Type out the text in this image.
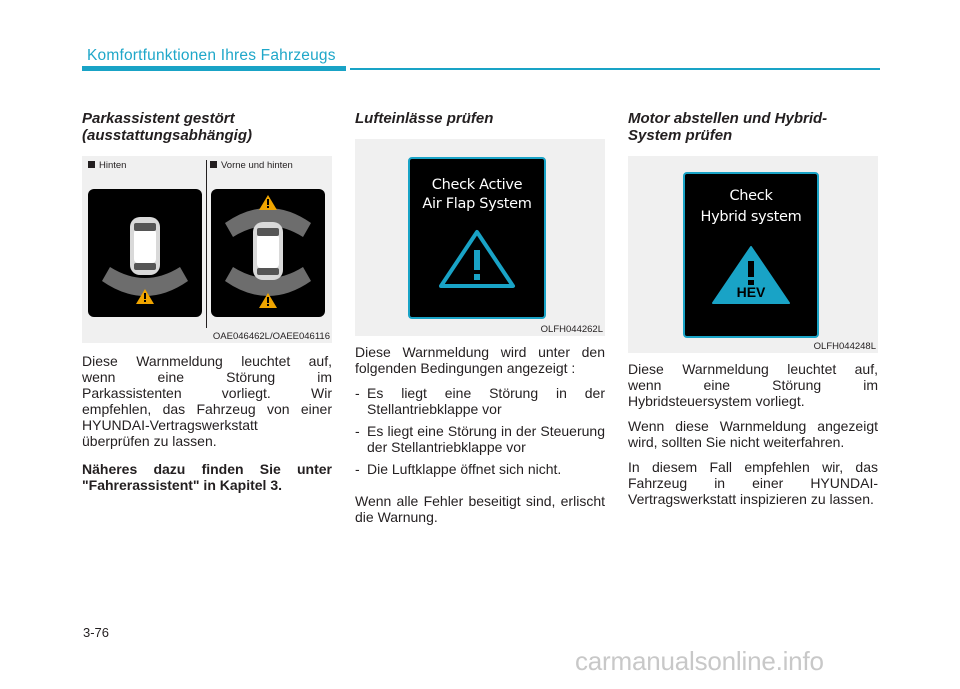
Komfortfunktionen Ihres Fahrzeugs
Parkassistent gestört
(ausstattungsabhängig)
Hinten	Vorne und hinten
OAE046462L/OAEE046116
Diese Warnmeldung leuchtet auf,
wenn eine Störung im
Parkassistenten vorliegt. Wir
empfehlen, das Fahrzeug von einer
HYUNDAI-Vertragswerkstatt
überprüfen zu lassen.
Näheres dazu finden Sie unter "Fahrerassistent" in Kapitel 3.
Lufteinlässe prüfen
Check Active
Air Flap System
OLFH044262L
Diese Warnmeldung wird unter den folgenden Bedingungen angezeigt :
- Es liegt eine Störung in der Stellantriebklappe vor
- Es liegt eine Störung in der Steuerung der Stellantriebklappe vor
- Die Luftklappe öffnet sich nicht.
Wenn alle Fehler beseitigt sind, erlischt die Warnung.
Motor abstellen und Hybrid-
System prüfen
Check
Hybrid system
HEV
OLFH044248L
Diese Warnmeldung leuchtet auf,
wenn eine Störung im
Hybridsteuersystem vorliegt.
Wenn diese Warnmeldung angezeigt wird, sollten Sie nicht weiterfahren.
In diesem Fall empfehlen wir, das Fahrzeug in einer HYUNDAI-Vertragswerkstatt inspizieren zu lassen.
3-76
carmanualsonline.info
